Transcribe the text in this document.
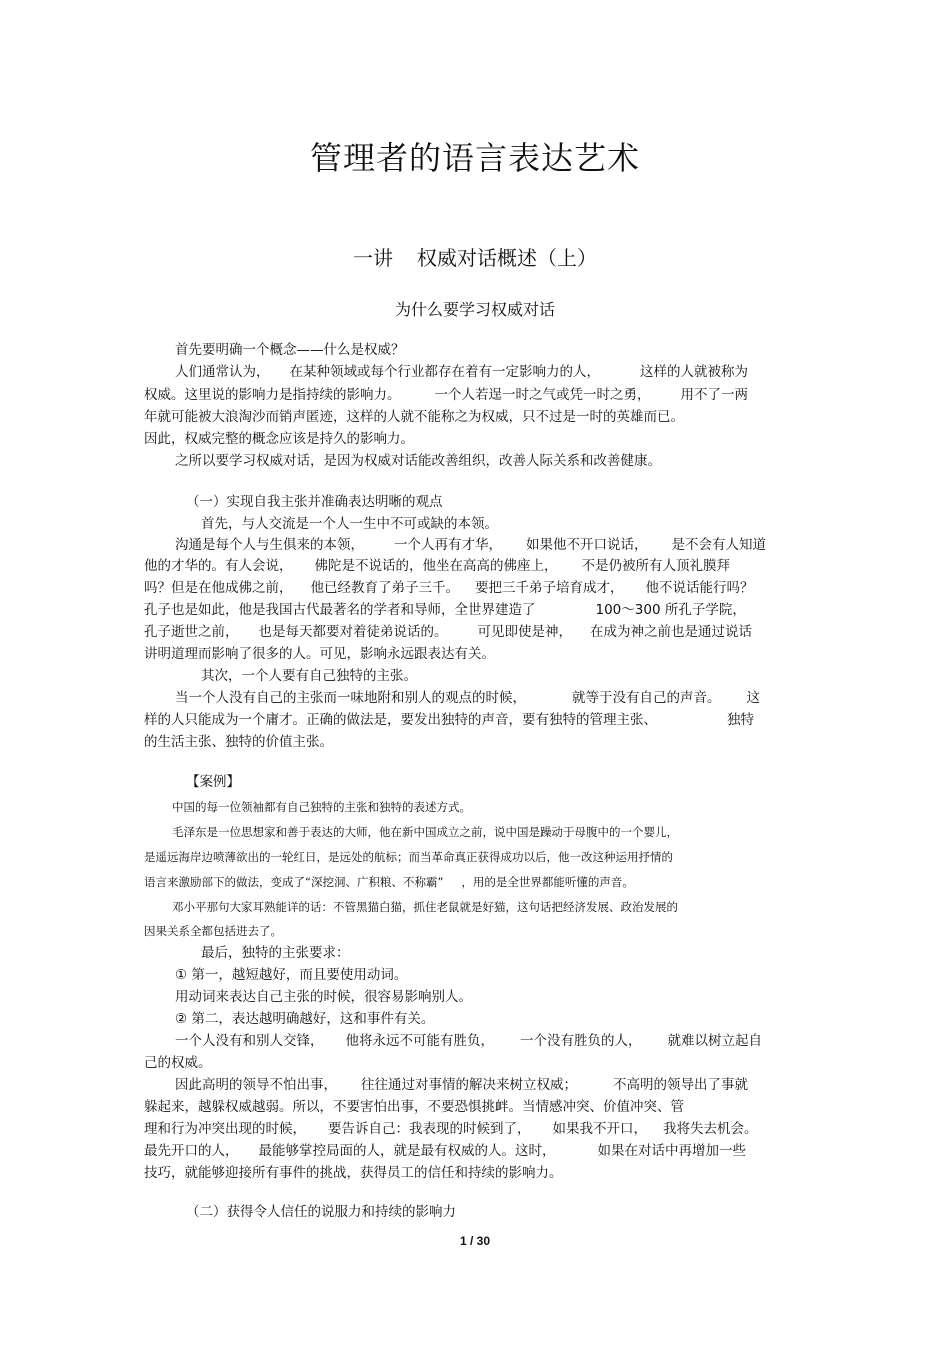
管理者的语言表达艺术
一讲 权威对话概述（上）
为什么要学习权威对话
首先要明确一个概念——什么是权威？
人们通常认为， 在某种领域或每个行业都存在着有一定影响力的人，	这样的人就被称为
权威。这里说的影响力是指持续的影响力。	一个人若逞一时之气或凭一时之勇， 用不了一两
年就可能被大浪淘沙而销声匿迹，这样的人就不能称之为权威，只不过是一时的英雄而已。
因此，权威完整的概念应该是持久的影响力。
之所以要学习权威对话，是因为权威对话能改善组织，改善人际关系和改善健康。
（一）实现自我主张并准确表达明晰的观点
首先，与人交流是一个人一生中不可或缺的本领。
沟通是每个人与生俱来的本领， 一个人再有才华， 如果他不开口说话， 是不会有人知道
他的才华的。有人会说， 佛陀是不说话的，他坐在高高的佛座上， 不是仍被所有人顶礼膜拜
吗？但是在他成佛之前， 他已经教育了弟子三千。 要把三千弟子培育成才， 他不说话能行吗？
孔子也是如此，他是我国古代最著名的学者和导师，全世界建造了	100～300 所孔子学院，
孔子逝世之前， 也是每天都要对着徒弟说话的。 可见即使是神， 在成为神之前也是通过说话
讲明道理而影响了很多的人。可见，影响永远跟表达有关。
其次，一个人要有自己独特的主张。
当一个人没有自己的主张而一味地附和别人的观点的时候，	就等于没有自己的声音。 这
样的人只能成为一个庸才。正确的做法是，要发出独特的声音，要有独特的管理主张、	独特
的生活主张、独特的价值主张。
【案例】
中国的每一位领袖都有自己独特的主张和独特的表述方式。
毛泽东是一位思想家和善于表达的大师，他在新中国成立之前，说中国是躁动于母腹中的一个婴儿，
是遥远海岸边喷薄欲出的一轮红日，是远处的航标；而当革命真正获得成功以后，他一改这种运用抒情的
语言来激励部下的做法，变成了“深挖洞、广积粮、不称霸” ，用的是全世界都能听懂的声音。
邓小平那句大家耳熟能详的话：不管黑猫白猫，抓住老鼠就是好猫，这句话把经济发展、政治发展的
因果关系全都包括进去了。
最后，独特的主张要求：
① 第一，越短越好，而且要使用动词。
用动词来表达自己主张的时候，很容易影响别人。
② 第二，表达越明确越好，这和事件有关。
一个人没有和别人交锋， 他将永远不可能有胜负， 一个没有胜负的人， 就难以树立起自
己的权威。
因此高明的领导不怕出事， 往往通过对事情的解决来树立权威；	不高明的领导出了事就
躲起来，越躲权威越弱。所以，不要害怕出事，不要恐惧挑衅。当情感冲突、价值冲突、管
理和行为冲突出现的时候， 要告诉自己：我表现的时候到了， 如果我不开口， 我将失去机会。
最先开口的人， 最能够掌控局面的人，就是最有权威的人。这时，	如果在对话中再增加一些
技巧，就能够迎接所有事件的挑战，获得员工的信任和持续的影响力。
（二）获得令人信任的说服力和持续的影响力
1 / 30
